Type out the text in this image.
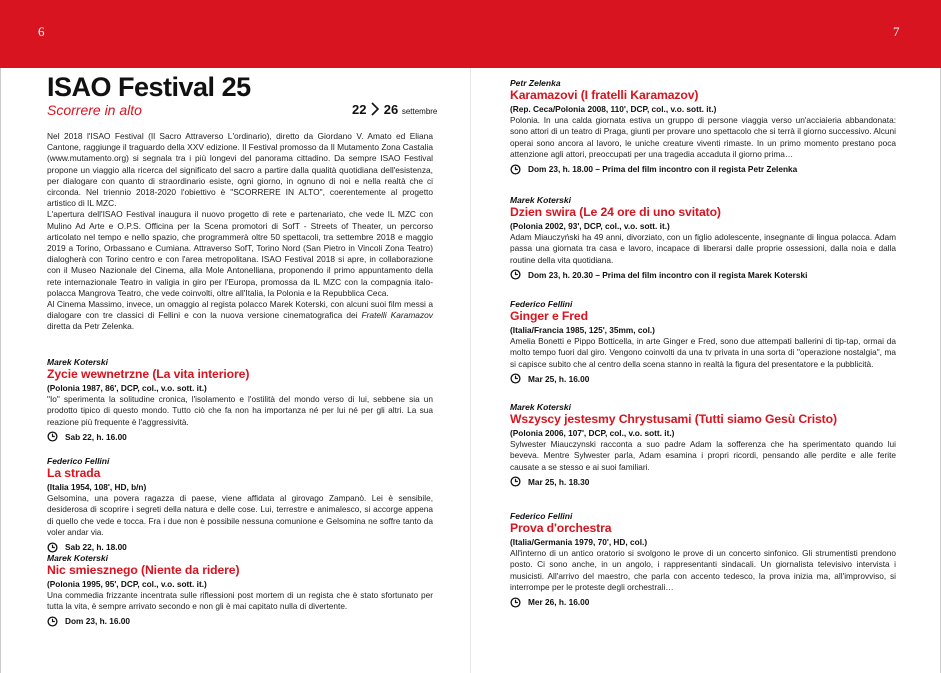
6	7
ISAO Festival 25
Scorrere in alto	22 26 settembre

Nel 2018 l'ISAO Festival (Il Sacro Attraverso L'ordinario), diretto da Giordano V. Amato ed Eliana Cantone, raggiunge il traguardo della XXV edizione. Il Festival promosso da Il Mutamento Zona Castalia (www.mutamento.org) si segnala tra i più longevi del panorama cittadino. Da sempre ISAO Festival propone un viaggio alla ricerca del significato del sacro a partire dalla qualità quotidiana dell'esistenza, per dialogare con quanto di straordinario esiste, ogni giorno, in ognuno di noi e nella realtà che ci circonda. Nel triennio 2018-2020 l'obiettivo è "SCORRERE IN ALTO", coerentemente al progetto artistico di IL MZC.

L'apertura dell'ISAO Festival inaugura il nuovo progetto di rete e partenariato, che vede IL MZC con Mulino Ad Arte e O.P.S. Officina per la Scena promotori di SofT - Streets of Theater, un percorso articolato nel tempo e nello spazio, che programmerà oltre 50 spettacoli, tra settembre 2018 e maggio 2019 a Torino, Orbassano e Cumiana. Attraverso SofT, Torino Nord (San Pietro in Vincoli Zona Teatro) dialogherà con Torino centro e con l'area metropolitana. ISAO Festival 2018 si apre, in collaborazione con il Museo Nazionale del Cinema, alla Mole Antonelliana, proponendo il primo appuntamento della rete internazionale Teatro in valigia in giro per l'Europa, promossa da IL MZC con la compagnia italo-polacca Mangrova Teatro, che vede coinvolti, oltre all'Italia, la Polonia e la Repubblica Ceca.

Al Cinema Massimo, invece, un omaggio al regista polacco Marek Koterski, con alcuni suoi film messi a dialogare con tre classici di Fellini e con la nuova versione cinematografica dei Fratelli Karamazov diretta da Petr Zelenka.

Marek Koterski
Zycie wewnetrzne (La vita interiore)
(Polonia 1987, 86', DCP, col., v.o. sott. it.)
"Io" sperimenta la solitudine cronica, l'isolamento e l'ostilità del mondo verso di lui, sebbene sia un prodotto tipico di questo mondo. Tutto ciò che fa non ha importanza né per lui né per gli altri. La sua reazione più frequente è l'aggressività.
Sab 22, h. 16.00
Federico Fellini
La strada
(Italia 1954, 108', HD, b/n)
Gelsomina, una povera ragazza di paese, viene affidata al girovago Zampanò. Lei è sensibile, desiderosa di scoprire i segreti della natura e delle cose. Lui, terrestre e animalesco, si accorge appena di quello che vede e tocca. Fra i due non è possibile nessuna comunione e Gelsomina ne soffre tanto da voler andar via.
Sab 22, h. 18.00
Marek Koterski
Nic smiesznego (Niente da ridere)
(Polonia 1995, 95', DCP, col., v.o. sott. it.)
Una commedia frizzante incentrata sulle riflessioni post mortem di un regista che è stato sfortunato per tutta la vita, è sempre arrivato secondo e non gli è mai capitato nulla di divertente.
Dom 23, h. 16.00
Petr Zelenka
Karamazovi (I fratelli Karamazov)
(Rep. Ceca/Polonia 2008, 110', DCP, col., v.o. sott. it.)
Polonia. In una calda giornata estiva un gruppo di persone viaggia verso un'acciaieria abbandonata: sono attori di un teatro di Praga, giunti per provare uno spettacolo che si terrà il giorno successivo. Alcuni operai sono ancora al lavoro, le uniche creature viventi rimaste. In un primo momento prestano poca attenzione agli attori, preoccupati per una tragedia accaduta il giorno prima…
Dom 23, h. 18.00 – Prima del film incontro con il regista Petr Zelenka
Marek Koterski
Dzien swira (Le 24 ore di uno svitato)
(Polonia 2002, 93', DCP, col., v.o. sott. it.)
Adam Miauczyński ha 49 anni, divorziato, con un figlio adolescente, insegnante di lingua polacca. Adam passa una giornata tra casa e lavoro, incapace di liberarsi dalle proprie ossessioni, dalla noia e dalla routine della vita quotidiana.
Dom 23, h. 20.30 – Prima del film incontro con il regista Marek Koterski
Federico Fellini
Ginger e Fred
(Italia/Francia 1985, 125', 35mm, col.)
Amelia Bonetti e Pippo Botticella, in arte Ginger e Fred, sono due attempati ballerini di tip-tap, ormai da molto tempo fuori dal giro. Vengono coinvolti da una tv privata in una sorta di "operazione nostalgia", ma si capisce subito che al centro della scena stanno in realtà la figura del presentatore e la pubblicità.
Mar 25, h. 16.00
Marek Koterski
Wszyscy jestesmy Chrystusami (Tutti siamo Gesù Cristo)
(Polonia 2006, 107', DCP, col., v.o. sott. it.)
Sylwester Miauczynski racconta a suo padre Adam la sofferenza che ha sperimentato quando lui beveva. Mentre Sylwester parla, Adam esamina i propri ricordi, pensando alle perdite e alle ferite causate a se stesso e ai suoi familiari.
Mar 25, h. 18.30
Federico Fellini
Prova d'orchestra
(Italia/Germania 1979, 70', HD, col.)
All'interno di un antico oratorio si svolgono le prove di un concerto sinfonico. Gli strumentisti prendono posto. Ci sono anche, in un angolo, i rappresentanti sindacali. Un giornalista televisivo intervista i musicisti. All'arrivo del maestro, che parla con accento tedesco, la prova inizia ma, all'improvviso, si interrompe per le proteste degli orchestrali…
Mer 26, h. 16.00
